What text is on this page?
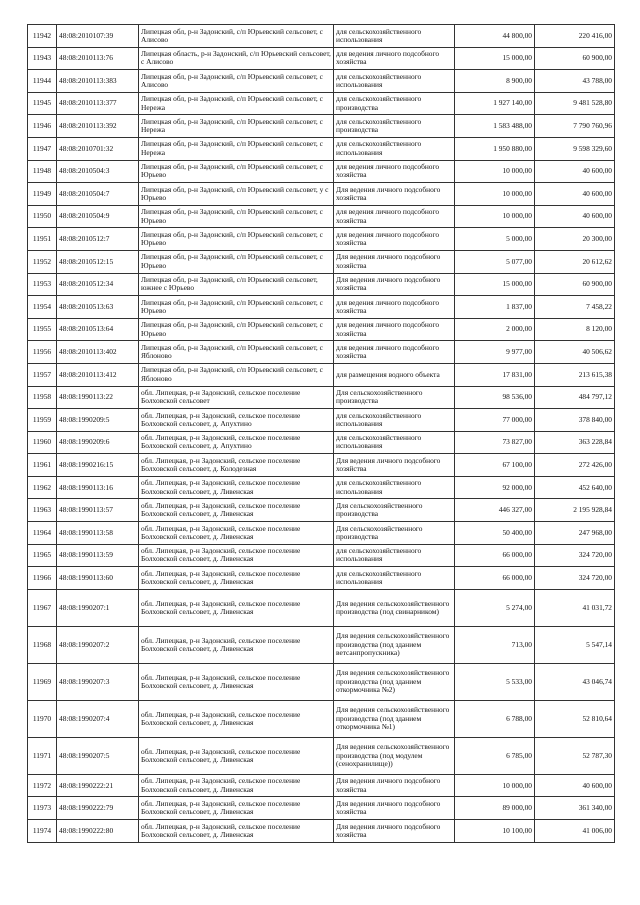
11942	48:08:2010107:39	Липецкая обл, р-н Задонский, с/п Юрьевский сельсовет, с Алисово	для сельскохозяйственного использования	44 800,00	220 416,00
11943	48:08:2010113:76	Липецкая область, р-н Задонский, с/п Юрьевский сельсовет, с Алисово	для ведения личного подсобного хозяйства	15 000,00	60 900,00
11944	48:08:2010113:383	Липецкая обл, р-н Задонский, с/п Юрьевский сельсовет, с Алисово	для сельскохозяйственного использования	8 900,00	43 788,00
11945	48:08:2010113:377	Липецкая обл, р-н Задонский, с/п Юрьевский сельсовет, с Нережа	для сельскохозяйственного производства	1 927 140,00	9 481 528,80
11946	48:08:2010113:392	Липецкая обл, р-н Задонский, с/п Юрьевский сельсовет, с Нережа	для сельскохозяйственного производства	1 583 488,00	7 790 760,96
11947	48:08:2010701:32	Липецкая обл, р-н Задонский, с/п Юрьевский сельсовет, с Нережа	для сельскохозяйственного использования	1 950 880,00	9 598 329,60
11948	48:08:2010504:3	Липецкая обл, р-н Задонский, с/п Юрьевский сельсовет, с Юрьево	для ведения личного подсобного хозяйства	10 000,00	40 600,00
11949	48:08:2010504:7	Липецкая обл, р-н Задонский, с/п Юрьевский сельсовет, у с Юрьево	Для ведения личного подсобного хозяйства	10 000,00	40 600,00
11950	48:08:2010504:9	Липецкая обл, р-н Задонский, с/п Юрьевский сельсовет, с Юрьево	для ведения личного подсобного хозяйства	10 000,00	40 600,00
11951	48:08:2010512:7	Липецкая обл, р-н Задонский, с/п Юрьевский сельсовет, с Юрьево	для ведения личного подсобного хозяйства	5 000,00	20 300,00
11952	48:08:2010512:15	Липецкая обл, р-н Задонский, с/п Юрьевский сельсовет, с Юрьево	Для ведения личного подсобного хозяйства	5 077,00	20 612,62
11953	48:08:2010512:34	Липецкая обл, р-н Задонский, с/п Юрьевский сельсовет, южнее с Юрьево	Для ведения личного подсобного хозяйства	15 000,00	60 900,00
11954	48:08:2010513:63	Липецкая обл, р-н Задонский, с/п Юрьевский сельсовет, с Юрьево	для ведения личного подсобного хозяйства	1 837,00	7 458,22
11955	48:08:2010513:64	Липецкая обл, р-н Задонский, с/п Юрьевский сельсовет, с Юрьево	для ведения личного подсобного хозяйства	2 000,00	8 120,00
11956	48:08:2010113:402	Липецкая обл, р-н Задонский, с/п Юрьевский сельсовет, с Яблоново	для ведения личного подсобного хозяйства	9 977,00	40 506,62
11957	48:08:2010113:412	Липецкая обл, р-н Задонский, с/п Юрьевский сельсовет, с Яблоново	для размещения водного объекта	17 831,00	213 615,38
11958	48:08:1990113:22	обл. Липецкая, р-н Задонский, сельское поселение Болховской сельсовет	Для сельскохозяйственного производства	98 536,00	484 797,12
11959	48:08:1990209:5	обл. Липецкая, р-н Задонский, сельское поселение Болховской сельсовет, д. Апухтино	для сельскохозяйственного использования	77 000,00	378 840,00
11960	48:08:1990209:6	обл. Липецкая, р-н Задонский, сельское поселение Болховской сельсовет, д. Апухтино	для сельскохозяйственного использования	73 827,00	363 228,84
11961	48:08:1990216:15	обл. Липецкая, р-н Задонский, сельское поселение Болховской сельсовет, д. Колодезная	Для ведения личного подсобного хозяйства	67 100,00	272 426,00
11962	48:08:1990113:16	обл. Липецкая, р-н Задонский, сельское поселение Болховской сельсовет, д. Ливенская	для сельскохозяйственного использования	92 000,00	452 640,00
11963	48:08:1990113:57	обл. Липецкая, р-н Задонский, сельское поселение Болховской сельсовет, д. Ливенская	Для сельскохозяйственного производства	446 327,00	2 195 928,84
11964	48:08:1990113:58	обл. Липецкая, р-н Задонский, сельское поселение Болховской сельсовет, д. Ливенская	Для сельскохозяйственного производства	50 400,00	247 968,00
11965	48:08:1990113:59	обл. Липецкая, р-н Задонский, сельское поселение Болховской сельсовет, д. Ливенская	для сельскохозяйственного использования	66 000,00	324 720,00
11966	48:08:1990113:60	обл. Липецкая, р-н Задонский, сельское поселение Болховской сельсовет, д. Ливенская	для сельскохозяйственного использования	66 000,00	324 720,00
11967	48:08:1990207:1	обл. Липецкая, р-н Задонский, сельское поселение Болховской сельсовет, д. Ливенская	Для ведения сельскохозяйственного производства (под свинарником)	5 274,00	41 031,72
11968	48:08:1990207:2	обл. Липецкая, р-н Задонский, сельское поселение Болховской сельсовет, д. Ливенская	Для ведения сельскохозяйственного производства (под зданием ветсанпропускника)	713,00	5 547,14
11969	48:08:1990207:3	обл. Липецкая, р-н Задонский, сельское поселение Болховской сельсовет, д. Ливенская	Для ведения сельскохозяйственного производства (под зданием откормочника №2)	5 533,00	43 046,74
11970	48:08:1990207:4	обл. Липецкая, р-н Задонский, сельское поселение Болховской сельсовет, д. Ливенская	Для ведения сельскохозяйственного производства (под зданием откормочника №1)	6 788,00	52 810,64
11971	48:08:1990207:5	обл. Липецкая, р-н Задонский, сельское поселение Болховской сельсовет, д. Ливенская	Для ведения сельскохозяйственного производства (под модулем (сенохранилище))	6 785,00	52 787,30
11972	48:08:1990222:21	обл. Липецкая, р-н Задонский, сельское поселение Болховской сельсовет, д. Ливенская	Для ведения личного подсобного хозяйства	10 000,00	40 600,00
11973	48:08:1990222:79	обл. Липецкая, р-н Задонский, сельское поселение Болховской сельсовет, д. Ливенская	Для ведения личного подсобного хозяйства	89 000,00	361 340,00
11974	48:08:1990222:80	обл. Липецкая, р-н Задонский, сельское поселение Болховской сельсовет, д. Ливенская	Для ведения личного подсобного хозяйства	10 100,00	41 006,00
